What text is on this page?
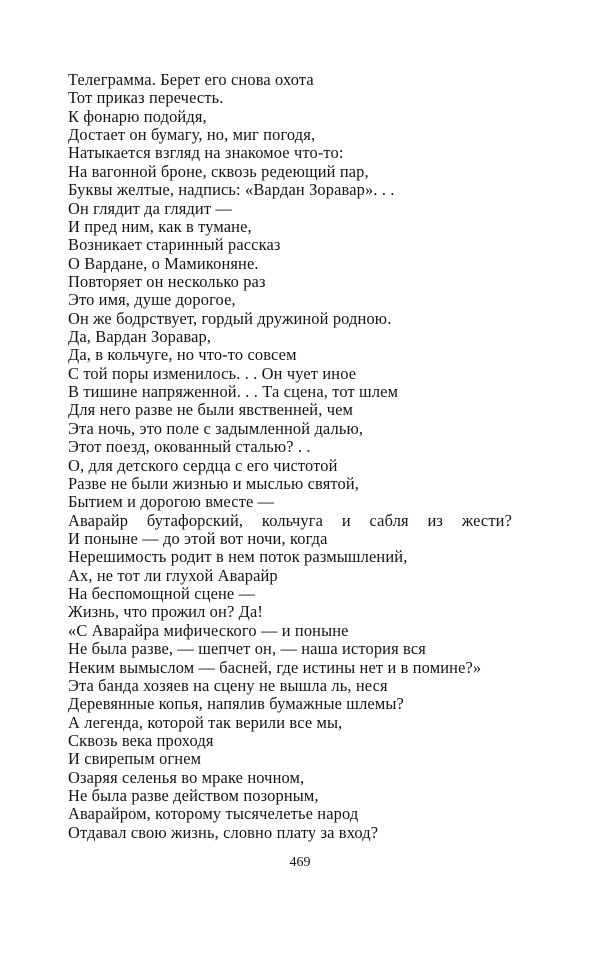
Телеграмма. Берет его снова охота
Тот приказ перечесть.
К фонарю подойдя,
Достает он бумагу, но, миг погодя,
Натыкается взгляд на знакомое что-то:
На вагонной броне, сквозь редеющий пар,
Буквы желтые, надпись: «Вардан Зоравар». . .
Он глядит да глядит —
И пред ним, как в тумане,
Возникает старинный рассказ
О Вардане, о Мамиконяне.
Повторяет он несколько раз
Это имя, душе дорогое,
Он же бодрствует, гордый дружиной родною.
Да, Вардан Зоравар,
Да, в кольчуге, но что-то совсем
С той поры изменилось. . . Он чует иное
В тишине напряженной. . . Та сцена, тот шлем
Для него разве не были явственней, чем
Эта ночь, это поле с задымленной далью,
Этот поезд, окованный сталью? . .
О, для детского сердца с его чистотой
Разве не были жизнью и мыслью святой,
Бытием и дорогою вместе —
Аварайр бутафорский, кольчуга и сабля из жести?
И поныне — до этой вот ночи, когда
Нерешимость родит в нем поток размышлений,
Ах, не тот ли глухой Аварайр
На беспомощной сцене —
Жизнь, что прожил он? Да!
«С Аварайра мифического — и поныне
Не была разве, — шепчет он, — наша история вся
Неким вымыслом — басней, где истины нет и в помине?»
Эта банда хозяев на сцену не вышла ль, неся
Деревянные копья, напялив бумажные шлемы?
А легенда, которой так верили все мы,
Сквозь века проходя
И свирепым огнем
Озаряя селенья во мраке ночном,
Не была разве действом позорным,
Аварайром, которому тысячелетье народ
Отдавал свою жизнь, словно плату за вход?
469
